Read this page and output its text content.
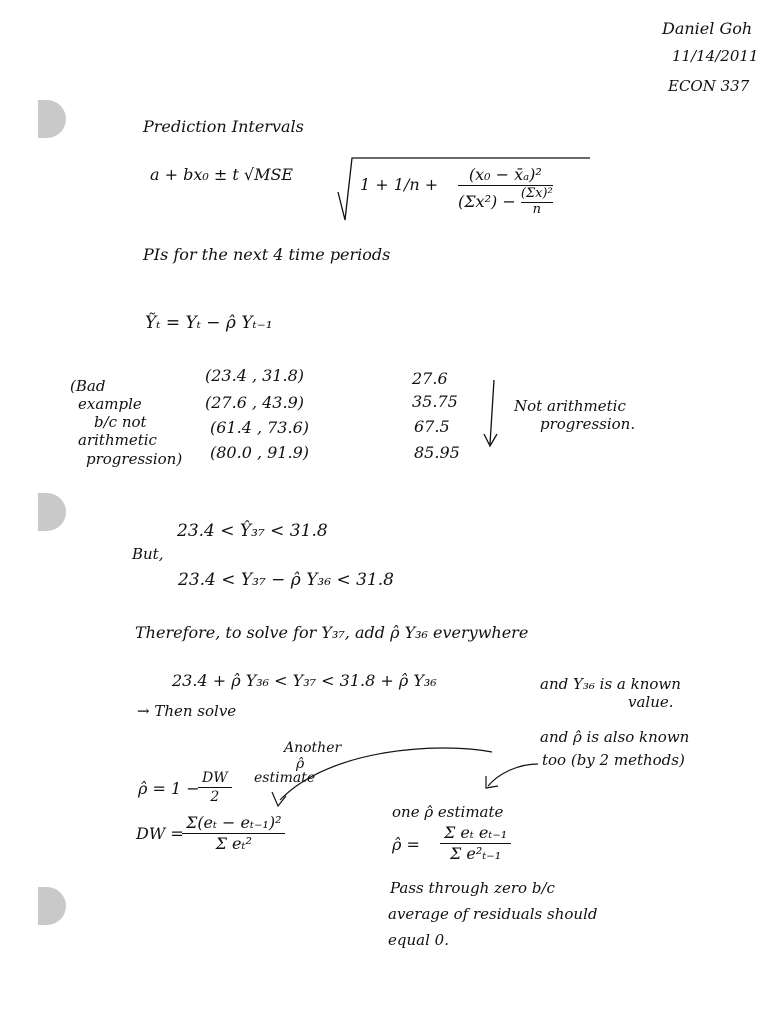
Daniel Goh
11/14/2011
ECON 337
Prediction Intervals
a + bx₀ ± t √MSE
$1 + 1/n + \frac{\text{(x₀ − x̄ₐ)²}}{(\Sigma x^2) - \frac{\text{(Σx)²}}{n}}$
PIs for the next 4 time periods
Ỹₜ = Yₜ − ρ̂ Yₜ₋₁
(Bad
example
b/c not
arithmetic
progression)
(23.4 , 31.8)	27.6
(27.6 , 43.9)	35.75
(61.4 , 73.6)	67.5
(80.0 , 91.9)	85.95
Not arithmetic
progression.
23.4 < Ŷ₃₇ < 31.8
But,
23.4 < Y₃₇ − ρ̂ Y₃₆ < 31.8
Therefore, to solve for Y₃₇, add ρ̂ Y₃₆ everywhere
23.4 + ρ̂ Y₃₆ < Y₃₇ < 31.8 + ρ̂ Y₃₆	and Y₃₆ is a known
value.
→ Then solve
and ρ̂ is also known
too (by 2 methods)
Another
ρ̂
estimate
ρ̂ = 1 −
$\frac{DW}{2}$
DW =
$\frac{\text{Σ(eₜ − eₜ₋₁)²}}{\text{Σ eₜ²}}$
one ρ̂ estimate
ρ̂ = $\frac{\text{Σ eₜ eₜ₋₁}}{\text{Σ e²ₜ₋₁}}$
Pass through zero b/c
average of residuals should
equal 0.
